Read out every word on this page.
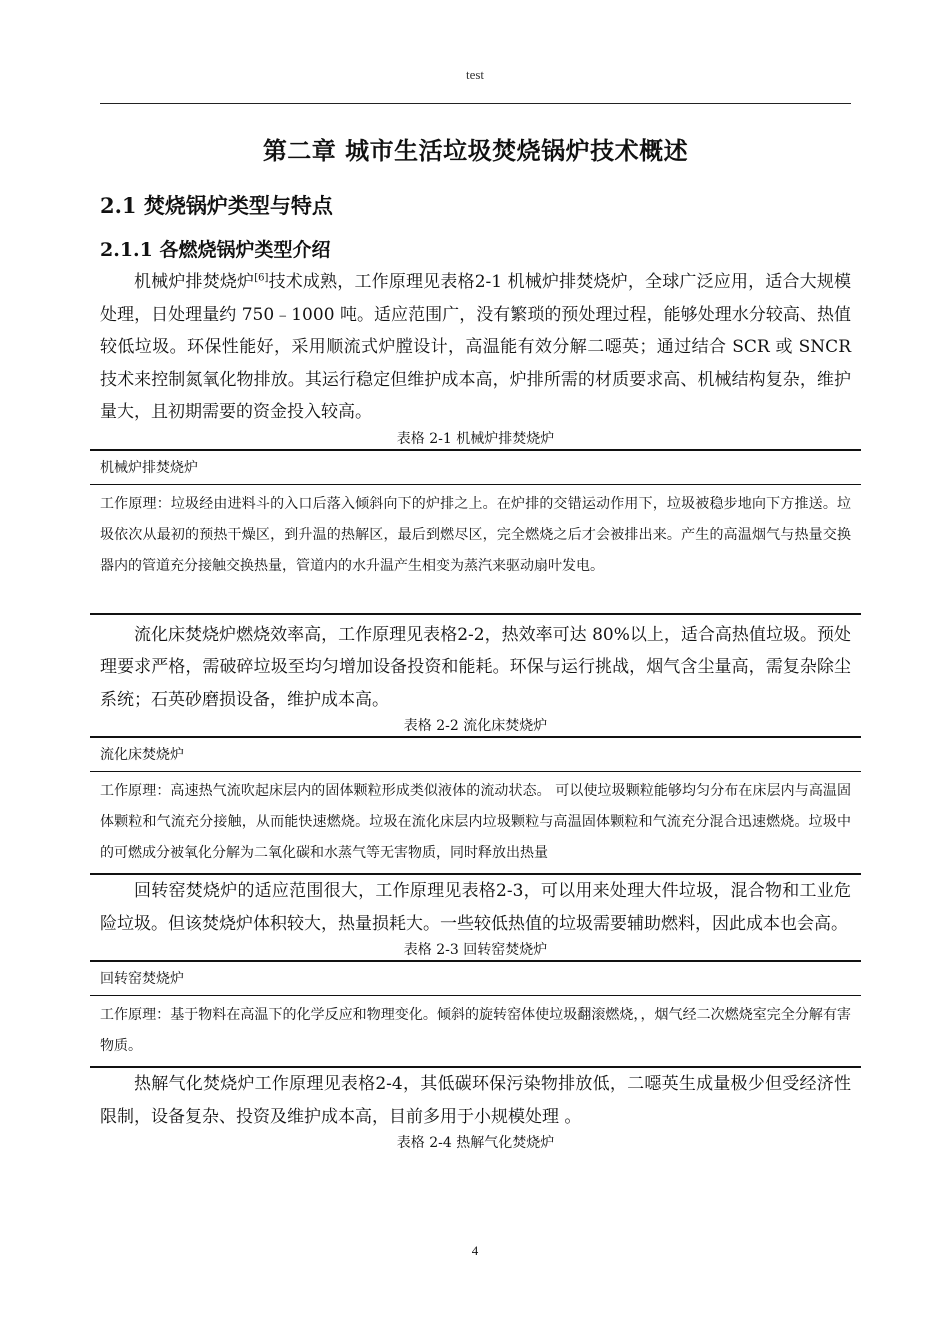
test
第二章 城市生活垃圾焚烧锅炉技术概述
2.1 焚烧锅炉类型与特点
2.1.1 各燃烧锅炉类型介绍

机械炉排焚烧炉[6]技术成熟，工作原理见表格2-1 机械炉排焚烧炉，全球广泛应用，适合大规模处理，日处理量约 750﹣1000 吨。适应范围广，没有繁琐的预处理过程，能够处理水分较高、热值较低垃圾。环保性能好，采用顺流式炉膛设计，高温能有效分解二噁英；通过结合 SCR 或 SNCR 技术来控制氮氧化物排放。其运行稳定但维护成本高，炉排所需的材质要求高、机械结构复杂，维护量大，且初期需要的资金投入较高。

表格 2-1 机械炉排焚烧炉

机械炉排焚烧炉
工作原理：垃圾经由进料斗的入口后落入倾斜向下的炉排之上。在炉排的交错运动作用下，垃圾被稳步地向下方推送。垃圾依次从最初的预热干燥区，到升温的热解区，最后到燃尽区，完全燃烧之后才会被排出来。产生的高温烟气与热量交换器内的管道充分接触交换热量，管道内的水升温产生相变为蒸汽来驱动扇叶发电。

流化床焚烧炉燃烧效率高，工作原理见表格2-2，热效率可达 80%以上，适合高热值垃圾。预处理要求严格，需破碎垃圾至均匀增加设备投资和能耗。环保与运行挑战，烟气含尘量高，需复杂除尘系统；石英砂磨损设备，维护成本高。

表格 2-2 流化床焚烧炉

流化床焚烧炉
工作原理：高速热气流吹起床层内的固体颗粒形成类似液体的流动状态。 可以使垃圾颗粒能够均匀分布在床层内与高温固体颗粒和气流充分接触，从而能快速燃烧。垃圾在流化床层内垃圾颗粒与高温固体颗粒和气流充分混合迅速燃烧。垃圾中的可燃成分被氧化分解为二氧化碳和水蒸气等无害物质，同时释放出热量

回转窑焚烧炉的适应范围很大，工作原理见表格2-3，可以用来处理大件垃圾，混合物和工业危险垃圾。但该焚烧炉体积较大，热量损耗大。一些较低热值的垃圾需要辅助燃料，因此成本也会高。

表格 2-3 回转窑焚烧炉

回转窑焚烧炉
工作原理：基于物料在高温下的化学反应和物理变化。倾斜的旋转窑体使垃圾翻滚燃烧，，烟气经二次燃烧室完全分解有害物质。

热解气化焚烧炉工作原理见表格2-4，其低碳环保污染物排放低，二噁英生成量极少但受经济性限制，设备复杂、投资及维护成本高，目前多用于小规模处理 。

表格 2-4 热解气化焚烧炉

4
